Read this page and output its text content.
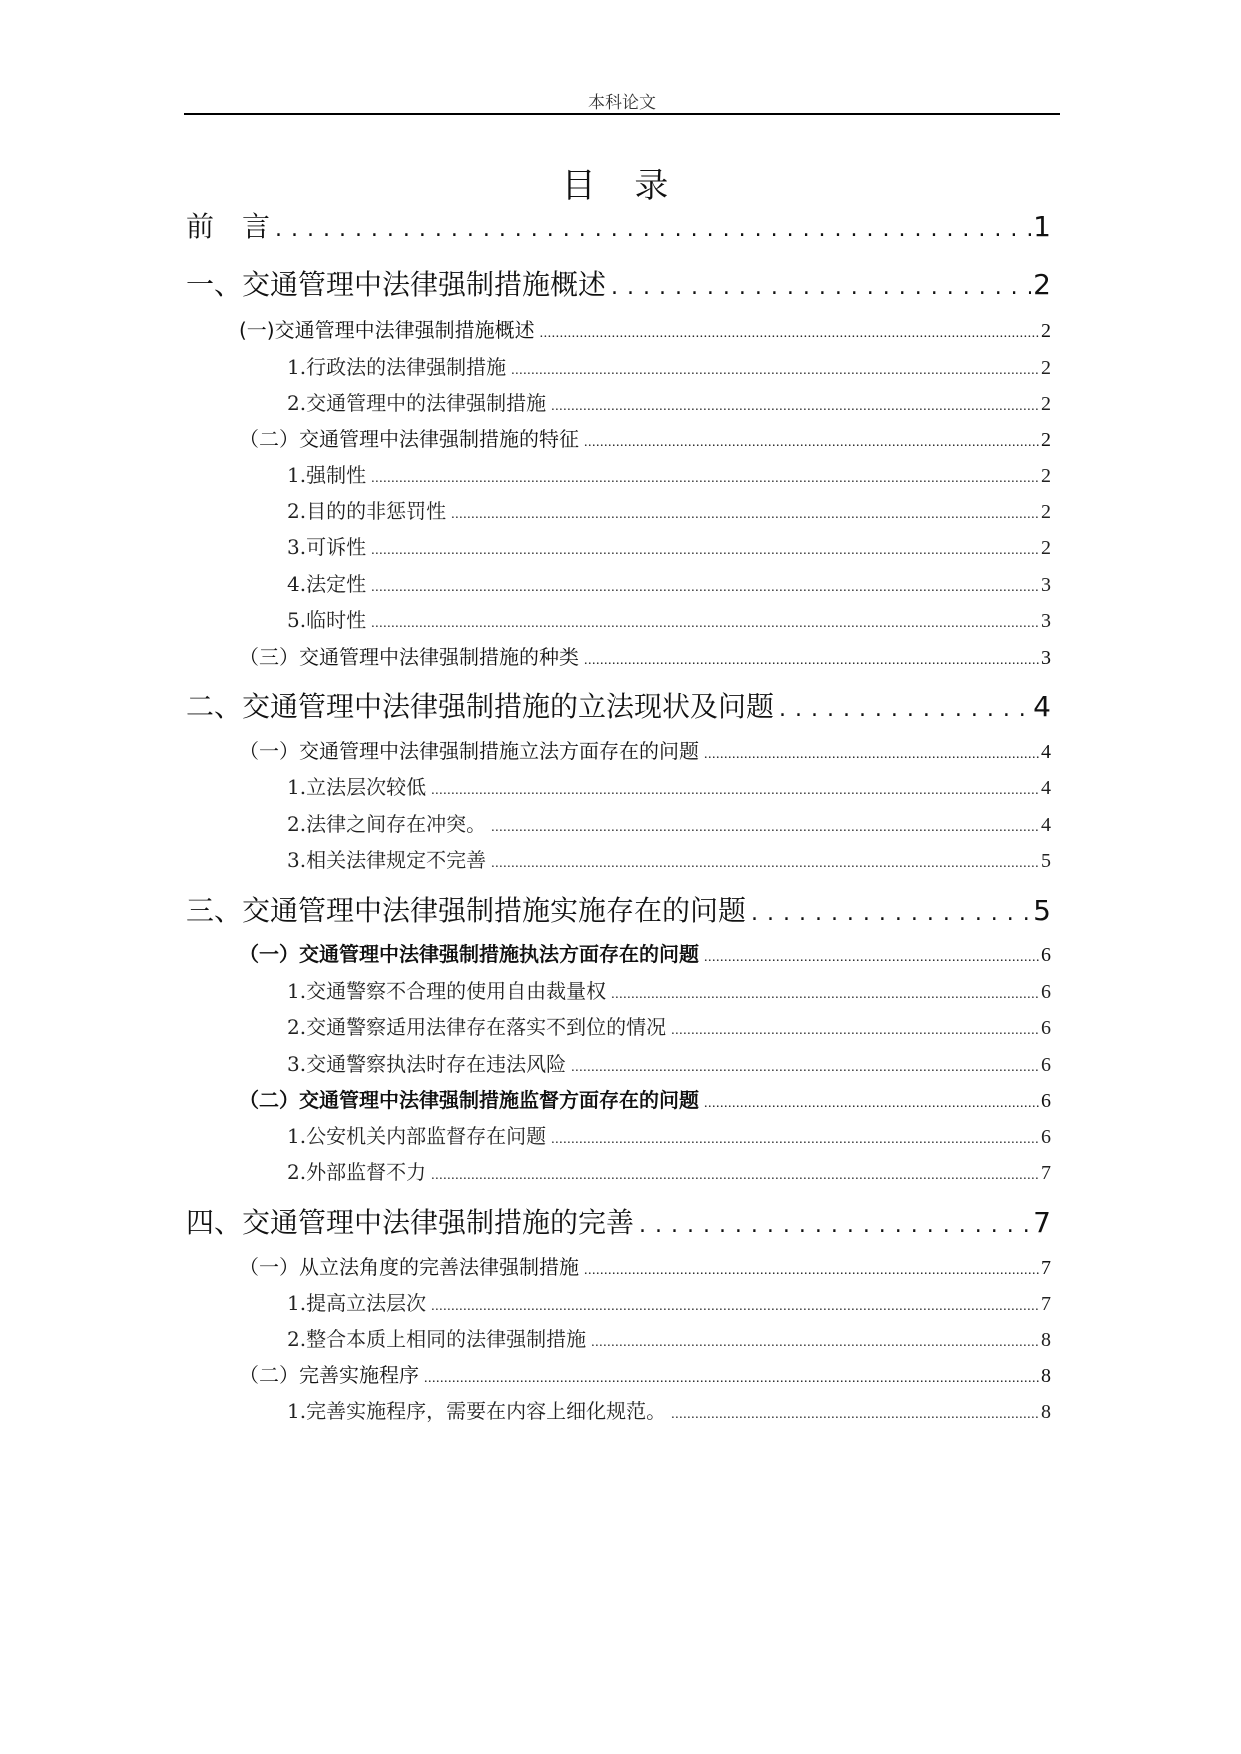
本科论文
目 录
前　言 . . .	1
一、交通管理中法律强制措施概述 . . .	2
(一)交通管理中法律强制措施概述 .....	2
1.行政法的法律强制措施 .....	2
2.交通管理中的法律强制措施 .....	2
（二）交通管理中法律强制措施的特征 .....	2
1.强制性 .....	2
2.目的的非惩罚性 .....	2
3.可诉性 .....	2
4.法定性 .....	3
5.临时性 .....	3
（三）交通管理中法律强制措施的种类 .....	3
二、交通管理中法律强制措施的立法现状及问题 . . .	4
（一）交通管理中法律强制措施立法方面存在的问题 .....	4
1.立法层次较低 .....	4
2.法律之间存在冲突。 .....	4
3.相关法律规定不完善 .....	5
三、交通管理中法律强制措施实施存在的问题 . . .	5
（一）交通管理中法律强制措施执法方面存在的问题 .....	6
1.交通警察不合理的使用自由裁量权 .....	6
2.交通警察适用法律存在落实不到位的情况 .....	6
3.交通警察执法时存在违法风险 .....	6
（二）交通管理中法律强制措施监督方面存在的问题 .....	6
1.公安机关内部监督存在问题 .....	6
2.外部监督不力 .....	7
四、交通管理中法律强制措施的完善 . . .	7
（一）从立法角度的完善法律强制措施 .....	7
1.提高立法层次 .....	7
2.整合本质上相同的法律强制措施 .....	8
（二）完善实施程序 .....	8
1.完善实施程序，需要在内容上细化规范。 .....	8
